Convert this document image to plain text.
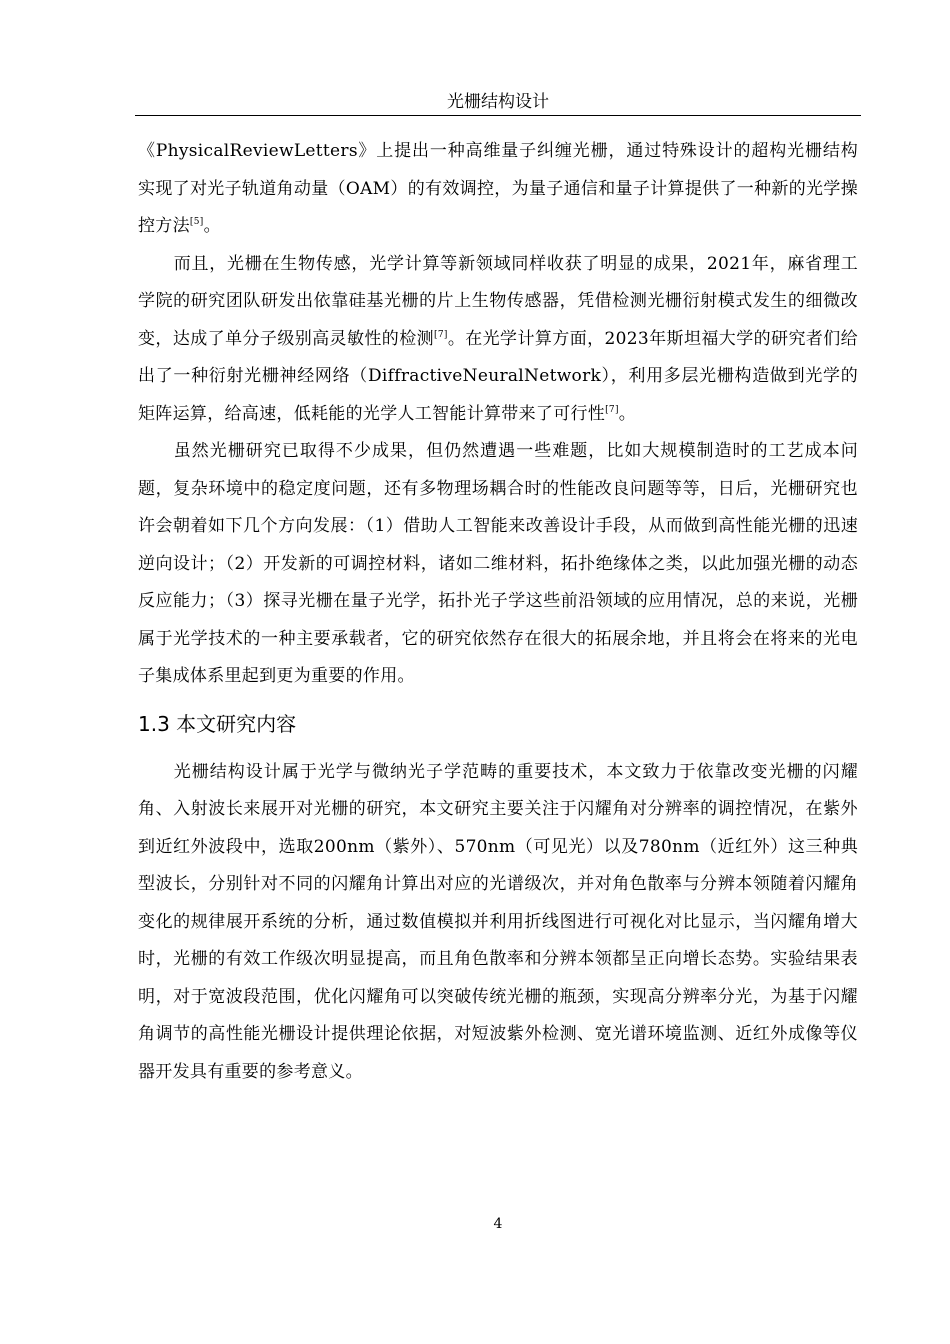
光栅结构设计

《PhysicalReviewLetters》上提出一种高维量子纠缠光栅，通过特殊设计的超构光栅结构实现了对光子轨道角动量（OAM）的有效调控，为量子通信和量子计算提供了一种新的光学操控方法[5]。

而且，光栅在生物传感，光学计算等新领域同样收获了明显的成果，2021年，麻省理工学院的研究团队研发出依靠硅基光栅的片上生物传感器，凭借检测光栅衍射模式发生的细微改变，达成了单分子级别高灵敏性的检测[7]。在光学计算方面，2023年斯坦福大学的研究者们给出了一种衍射光栅神经网络（DiffractiveNeuralNetwork），利用多层光栅构造做到光学的矩阵运算，给高速，低耗能的光学人工智能计算带来了可行性[7]。

虽然光栅研究已取得不少成果，但仍然遭遇一些难题，比如大规模制造时的工艺成本问题，复杂环境中的稳定度问题，还有多物理场耦合时的性能改良问题等等，日后，光栅研究也许会朝着如下几个方向发展：（1）借助人工智能来改善设计手段，从而做到高性能光栅的迅速逆向设计；（2）开发新的可调控材料，诸如二维材料，拓扑绝缘体之类，以此加强光栅的动态反应能力；（3）探寻光栅在量子光学，拓扑光子学这些前沿领域的应用情况，总的来说，光栅属于光学技术的一种主要承载者，它的研究依然存在很大的拓展余地，并且将会在将来的光电子集成体系里起到更为重要的作用。

1.3 本文研究内容

光栅结构设计属于光学与微纳光子学范畴的重要技术，本文致力于依靠改变光栅的闪耀角、入射波长来展开对光栅的研究，本文研究主要关注于闪耀角对分辨率的调控情况，在紫外到近红外波段中，选取200nm（紫外）、570nm（可见光）以及780nm（近红外）这三种典型波长，分别针对不同的闪耀角计算出对应的光谱级次，并对角色散率与分辨本领随着闪耀角变化的规律展开系统的分析，通过数值模拟并利用折线图进行可视化对比显示，当闪耀角增大时，光栅的有效工作级次明显提高，而且角色散率和分辨本领都呈正向增长态势。实验结果表明，对于宽波段范围，优化闪耀角可以突破传统光栅的瓶颈，实现高分辨率分光，为基于闪耀角调节的高性能光栅设计提供理论依据，对短波紫外检测、宽光谱环境监测、近红外成像等仪器开发具有重要的参考意义。

4
